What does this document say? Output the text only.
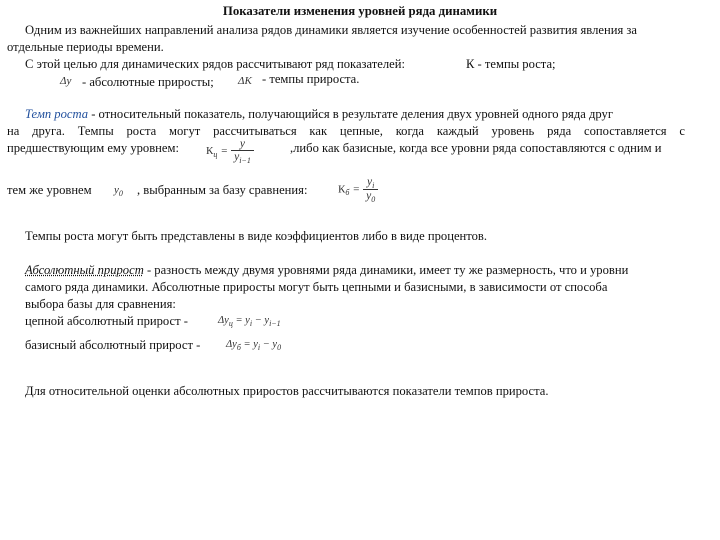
Показатели изменения уровней ряда динамики
Одним из важнейших направлений анализа рядов динамики является изучение особенностей развития явления за
отдельные периоды времени.
С этой целью для динамических рядов рассчитывают ряд показателей:	К - темпы роста;
Δy - абсолютные приросты; ΔK - темпы прироста.
Темп роста - относительный показатель, получающийся в результате деления двух уровней одного ряда друг
на друга. Темпы роста могут рассчитываться как цепные, когда каждый уровень ряда сопоставляется с
предшествующим ему уровнем: $К_ц = \frac{y}{y_{i-1}}$	,либо как базисные, когда все уровни ряда сопоставляются с одним и
тем же уровнем $y_0$ , выбранным за базу сравнения:	$К_б = \frac{y_i}{y_0}$
Темпы роста могут быть представлены в виде коэффициентов либо в виде процентов.
Абсолютный прирост - разность между двумя уровнями ряда динамики, имеет ту же размерность, что и уровни
самого ряда динамики. Абсолютные приросты могут быть цепными и базисными, в зависимости от способа
выбора базы для сравнения:
цепной абсолютный прирост -	$\Delta y_ц = y_i - y_{i-1}$
базисный абсолютный прирост - $\Delta y_б = y_i - y_0$
Для относительной оценки абсолютных приростов рассчитываются показатели темпов прироста.
